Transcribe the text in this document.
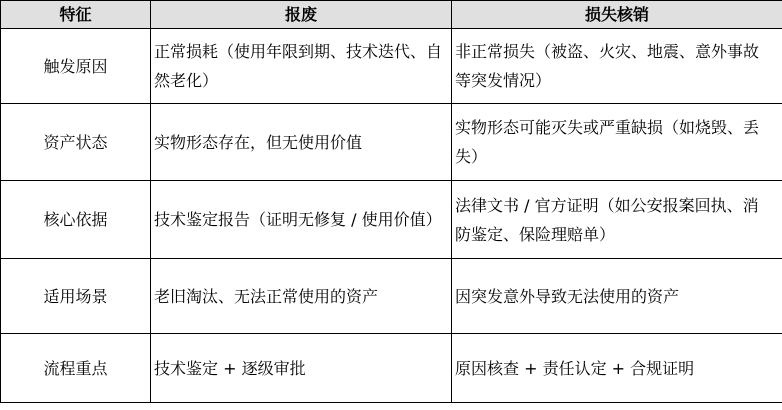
特征	报废	损失核销
触发原因	正常损耗（使用年限到期、技术迭代、自然老化）	非正常损失（被盗、火灾、地震、意外事故等突发情况）
资产状态	实物形态存在，但无使用价值	实物形态可能灭失或严重缺损（如烧毁、丢失）
核心依据	技术鉴定报告（证明无修复 / 使用价值）	法律文书 / 官方证明（如公安报案回执、消防鉴定、保险理赔单）
适用场景	老旧淘汰、无法正常使用的资产	因突发意外导致无法使用的资产
流程重点	技术鉴定 + 逐级审批	原因核查 + 责任认定 + 合规证明
